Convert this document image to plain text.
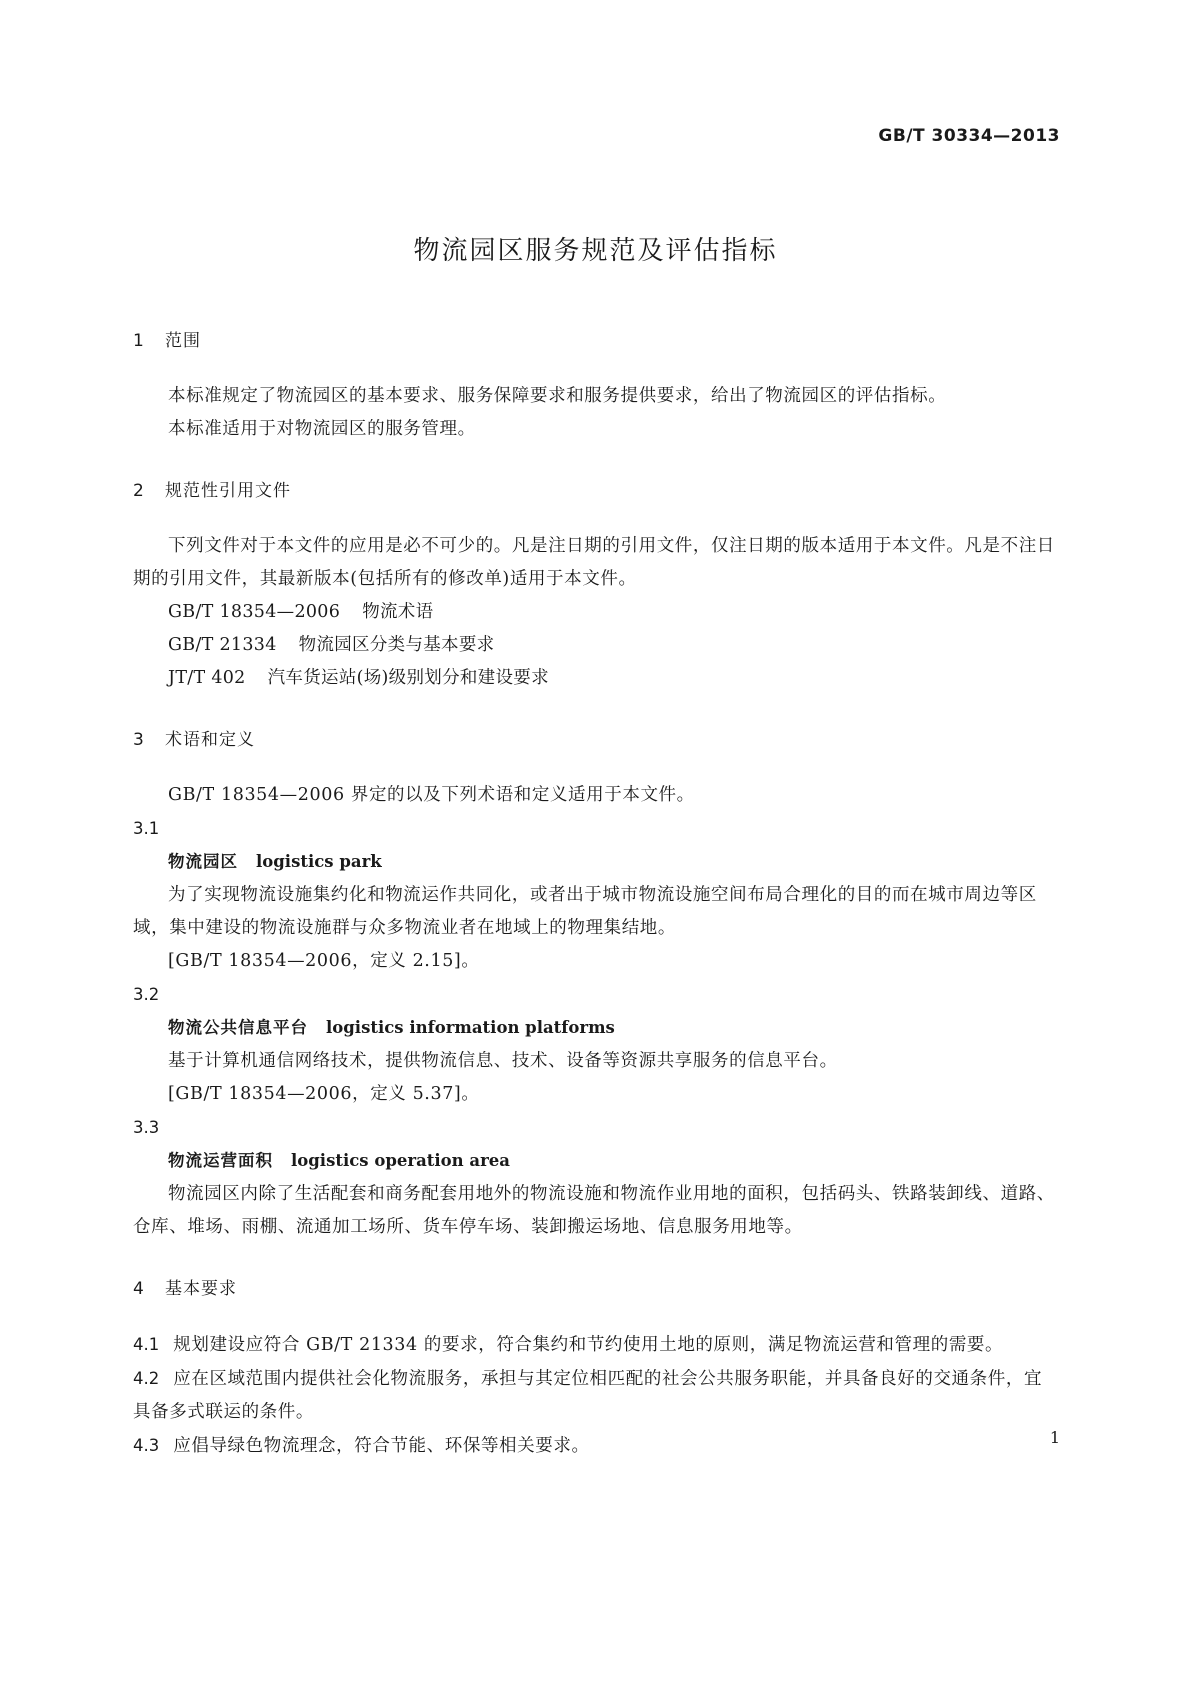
GB/T 30334—2013
物流园区服务规范及评估指标
1 范围

本标准规定了物流园区的基本要求、服务保障要求和服务提供要求，给出了物流园区的评估指标。

本标准适用于对物流园区的服务管理。

2 规范性引用文件

下列文件对于本文件的应用是必不可少的。凡是注日期的引用文件，仅注日期的版本适用于本文件。凡是不注日期的引用文件，其最新版本(包括所有的修改单)适用于本文件。

GB/T 18354—2006 物流术语

GB/T 21334 物流园区分类与基本要求

JT/T 402 汽车货运站(场)级别划分和建设要求

3 术语和定义

GB/T 18354—2006 界定的以及下列术语和定义适用于本文件。

3.1

物流园区 logistics park

为了实现物流设施集约化和物流运作共同化，或者出于城市物流设施空间布局合理化的目的而在城市周边等区域，集中建设的物流设施群与众多物流业者在地域上的物理集结地。

[GB/T 18354—2006，定义 2.15]。

3.2

物流公共信息平台 logistics information platforms

基于计算机通信网络技术，提供物流信息、技术、设备等资源共享服务的信息平台。

[GB/T 18354—2006，定义 5.37]。

3.3

物流运营面积 logistics operation area

物流园区内除了生活配套和商务配套用地外的物流设施和物流作业用地的面积，包括码头、铁路装卸线、道路、仓库、堆场、雨棚、流通加工场所、货车停车场、装卸搬运场地、信息服务用地等。

4 基本要求

4.1 规划建设应符合 GB/T 21334 的要求，符合集约和节约使用土地的原则，满足物流运营和管理的需要。

4.2 应在区域范围内提供社会化物流服务，承担与其定位相匹配的社会公共服务职能，并具备良好的交通条件，宜具备多式联运的条件。

4.3 应倡导绿色物流理念，符合节能、环保等相关要求。	1
